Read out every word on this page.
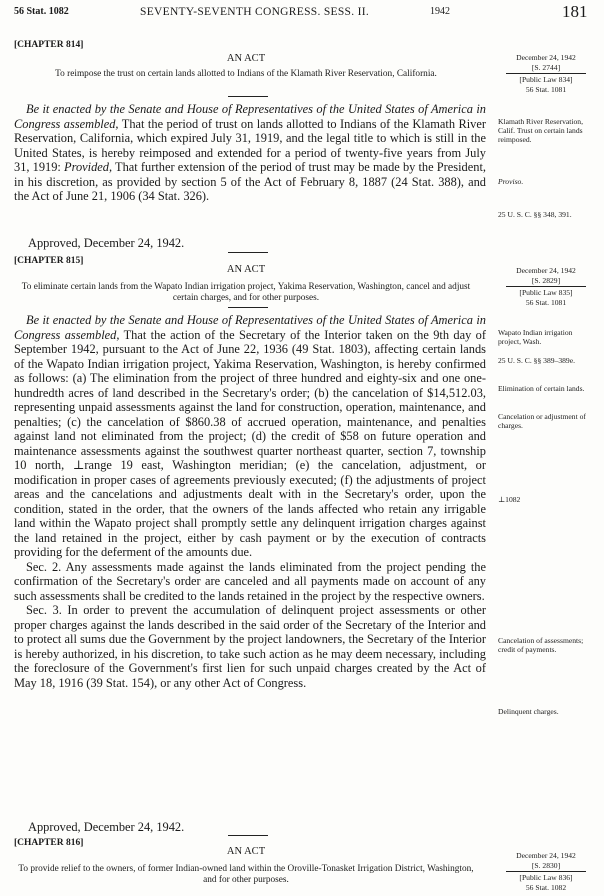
56 Stat. 1082	SEVENTY-SEVENTH CONGRESS. SESS. II.	1942	181
[CHAPTER 814]
AN ACT
To reimpose the trust on certain lands allotted to Indians of the Klamath River Reservation, California.
December 24, 1942
[S. 2744]
[Public Law 834]
56 Stat. 1081

Be it enacted by the Senate and House of Representatives of the United States of America in Congress assembled, That the period of trust on lands allotted to Indians of the Klamath River Reservation, California, which expired July 31, 1919, and the legal title to which is still in the United States, is hereby reimposed and extended for a period of twenty-five years from July 31, 1919: Provided, That further extension of the period of trust may be made by the President, in his discretion, as provided by section 5 of the Act of February 8, 1887 (24 Stat. 388), and the Act of June 21, 1906 (34 Stat. 326).

Approved, December 24, 1942.
Klamath River Reservation, Calif. Trust on certain lands reimposed.
Proviso.
25 U. S. C. §§ 348, 391.
[CHAPTER 815]
AN ACT
To eliminate certain lands from the Wapato Indian irrigation project, Yakima Reservation, Washington, cancel and adjust certain charges, and for other purposes.
December 24, 1942
[S. 2829]
[Public Law 835]
56 Stat. 1081

Be it enacted by the Senate and House of Representatives of the United States of America in Congress assembled, That the action of the Secretary of the Interior taken on the 9th day of September 1942, pursuant to the Act of June 22, 1936 (49 Stat. 1803), affecting certain lands of the Wapato Indian irrigation project, Yakima Reservation, Washington, is hereby confirmed as follows: (a) The elimination from the project of three hundred and eighty-six and one one-hundredth acres of land described in the Secretary's order; (b) the cancelation of $14,512.03, representing unpaid assessments against the land for construction, operation, maintenance, and penalties; (c) the cancelation of $860.38 of accrued operation, maintenance, and penalties against land not eliminated from the project; (d) the credit of $58 on future operation and maintenance assessments against the southwest quarter northeast quarter, section 7, township 10 north, ⊥range 19 east, Washington meridian; (e) the cancelation, adjustment, or modification in proper cases of agreements previously executed; (f) the adjustments of project areas and the cancelations and adjustments dealt with in the Secretary's order, upon the condition, stated in the order, that the owners of the lands affected who retain any irrigable land within the Wapato project shall promptly settle any delinquent irrigation charges against the land retained in the project, either by cash payment or by the execution of contracts providing for the deferment of the amounts due.

Sec. 2. Any assessments made against the lands eliminated from the project pending the confirmation of the Secretary's order are canceled and all payments made on account of any such assessments shall be credited to the lands retained in the project by the respective owners.

Sec. 3. In order to prevent the accumulation of delinquent project assessments or other proper charges against the lands described in the said order of the Secretary of the Interior and to protect all sums due the Government by the project landowners, the Secretary of the Interior is hereby authorized, in his discretion, to take such action as he may deem necessary, including the foreclosure of the Government's first lien for such unpaid charges created by the Act of May 18, 1916 (39 Stat. 154), or any other Act of Congress.

Approved, December 24, 1942.
Wapato Indian irrigation project, Wash.
25 U. S. C. §§ 389–389e.
Elimination of certain lands.
Cancelation or adjustment of charges.
⊥1082
Cancelation of assessments; credit of payments.
Delinquent charges.
[CHAPTER 816]
AN ACT
To provide relief to the owners, of former Indian-owned land within the Oroville-Tonasket Irrigation District, Washington, and for other purposes.
December 24, 1942
[S. 2830]
[Public Law 836]
56 Stat. 1082
